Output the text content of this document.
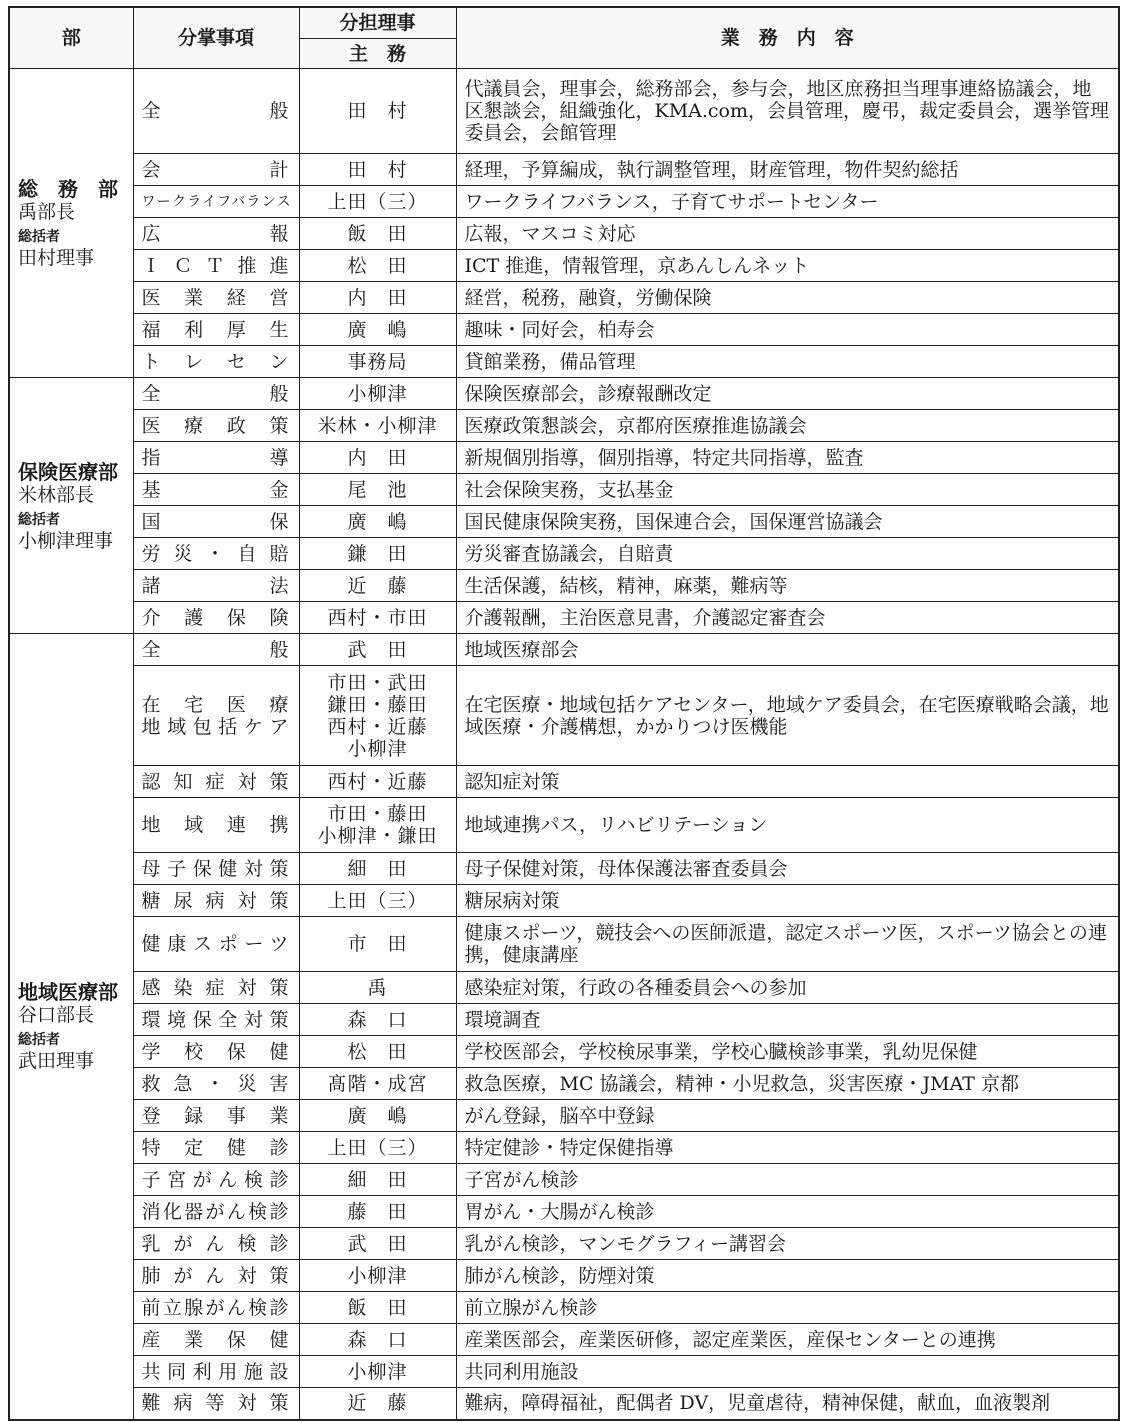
部	分掌事項	分担理事	業　務　内　容
		主　務	

総　務　部
禹部長
総括者
田村理事	全般	田　村	代議員会，理事会，総務部会，参与会，地区庶務担当理事連絡協議会，地区懇談会，組織強化，KMA.com，会員管理，慶弔，裁定委員会，選挙管理委員会，会館管理
	会計	田　村	経理，予算編成，執行調整管理，財産管理，物件契約総括
	ワークライフバランス	上田（三）	ワークライフバランス，子育てサポートセンター
	広報	飯　田	広報，マスコミ対応
	ＩＣＴ推進	松　田	ICT 推進，情報管理，京あんしんネット
	医業経営	内　田	経営，税務，融資，労働保険
	福利厚生	廣　嶋	趣味・同好会，柏寿会
	トレセン	事務局	貸館業務，備品管理

保険医療部
米林部長
総括者
小柳津理事	全般	小柳津	保険医療部会，診療報酬改定
	医療政策	米林・小柳津	医療政策懇談会，京都府医療推進協議会
	指導	内　田	新規個別指導，個別指導，特定共同指導，監査
	基金	尾　池	社会保険実務，支払基金
	国保	廣　嶋	国民健康保険実務，国保連合会，国保運営協議会
	労災・自賠	鎌　田	労災審査協議会，自賠責
	諸法	近　藤	生活保護，結核，精神，麻薬，難病等
	介護保険	西村・市田	介護報酬，主治医意見書，介護認定審査会

地域医療部
谷口部長
総括者
武田理事	全般	武　田	地域医療部会
	在宅医療
地域包括ケア	市田・武田
鎌田・藤田
西村・近藤
小柳津	在宅医療・地域包括ケアセンター，地域ケア委員会，在宅医療戦略会議，地域医療・介護構想，かかりつけ医機能
	認知症対策	西村・近藤	認知症対策
	地域連携	市田・藤田
小柳津・鎌田	地域連携パス，リハビリテーション
	母子保健対策	細　田	母子保健対策，母体保護法審査委員会
	糖尿病対策	上田（三）	糖尿病対策
	健康スポーツ	市　田	健康スポーツ，競技会への医師派遣，認定スポーツ医，スポーツ協会との連携，健康講座
	感染症対策	禹	感染症対策，行政の各種委員会への参加
	環境保全対策	森　口	環境調査
	学校保健	松　田	学校医部会，学校検尿事業，学校心臓検診事業，乳幼児保健
	救急・災害	髙階・成宮	救急医療，MC 協議会，精神・小児救急，災害医療・JMAT 京都
	登録事業	廣　嶋	がん登録，脳卒中登録
	特定健診	上田（三）	特定健診・特定保健指導
	子宮がん検診	細　田	子宮がん検診
	消化器がん検診	藤　田	胃がん・大腸がん検診
	乳がん検診	武　田	乳がん検診，マンモグラフィー講習会
	肺がん対策	小柳津	肺がん検診，防煙対策
	前立腺がん検診	飯　田	前立腺がん検診
	産業保健	森　口	産業医部会，産業医研修，認定産業医，産保センターとの連携
	共同利用施設	小柳津	共同利用施設
	難病等対策	近　藤	難病，障碍福祉，配偶者 DV，児童虐待，精神保健，献血，血液製剤
